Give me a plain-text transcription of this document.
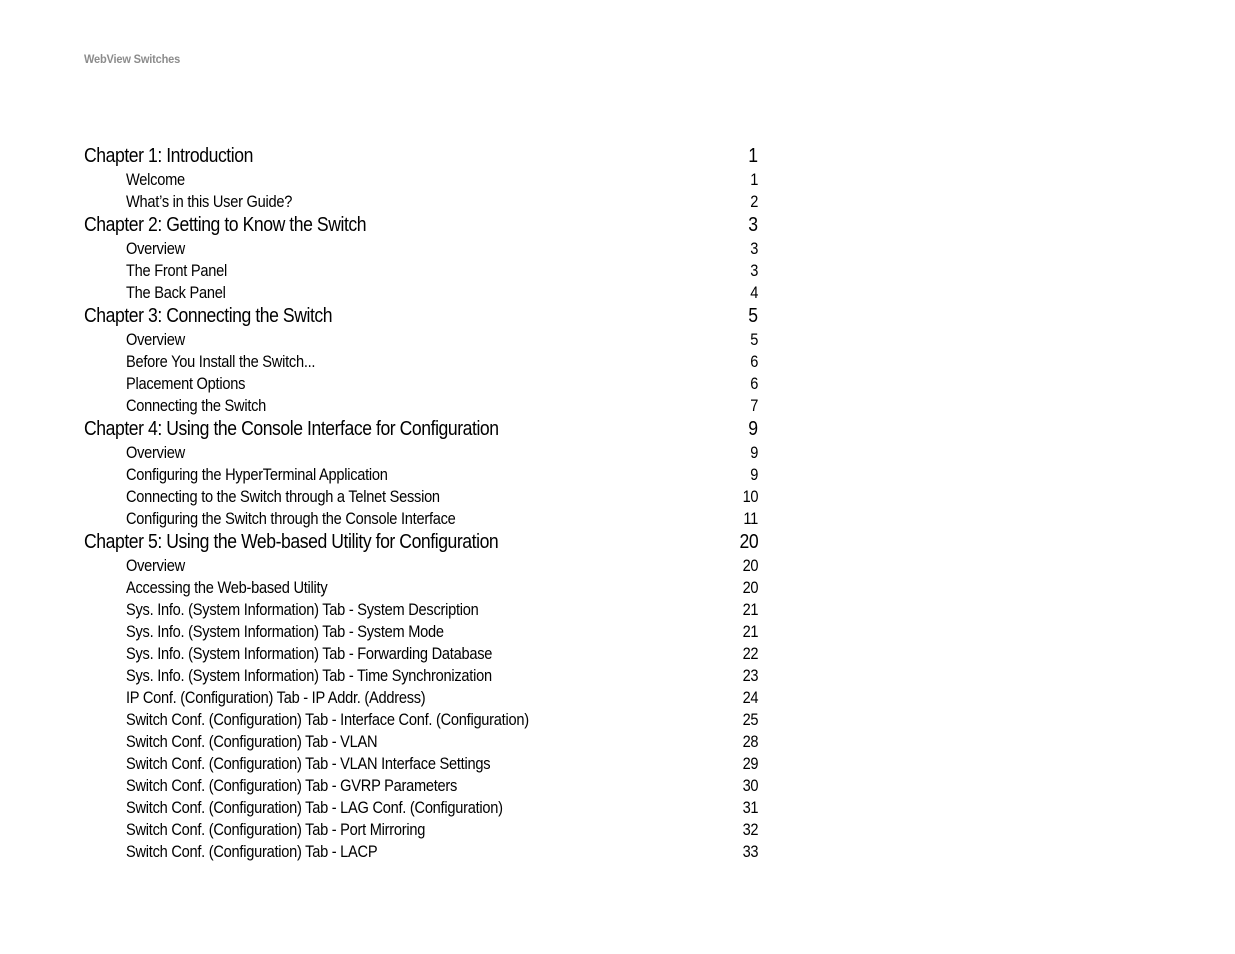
WebView Switches
Chapter 1: Introduction	1
Welcome	1
What’s in this User Guide?	2
Chapter 2: Getting to Know the Switch	3
Overview	3
The Front Panel	3
The Back Panel	4
Chapter 3: Connecting the Switch	5
Overview	5
Before You Install the Switch...	6
Placement Options	6
Connecting the Switch	7
Chapter 4: Using the Console Interface for Configuration	9
Overview	9
Configuring the HyperTerminal Application	9
Connecting to the Switch through a Telnet Session	10
Configuring the Switch through the Console Interface	11
Chapter 5: Using the Web-based Utility for Configuration	20
Overview	20
Accessing the Web-based Utility	20
Sys. Info. (System Information) Tab - System Description	21
Sys. Info. (System Information) Tab - System Mode	21
Sys. Info. (System Information) Tab - Forwarding Database	22
Sys. Info. (System Information) Tab - Time Synchronization	23
IP Conf. (Configuration) Tab - IP Addr. (Address)	24
Switch Conf. (Configuration) Tab - Interface Conf. (Configuration)	25
Switch Conf. (Configuration) Tab - VLAN	28
Switch Conf. (Configuration) Tab - VLAN Interface Settings	29
Switch Conf. (Configuration) Tab - GVRP Parameters	30
Switch Conf. (Configuration) Tab - LAG Conf. (Configuration)	31
Switch Conf. (Configuration) Tab - Port Mirroring	32
Switch Conf. (Configuration) Tab - LACP	33
